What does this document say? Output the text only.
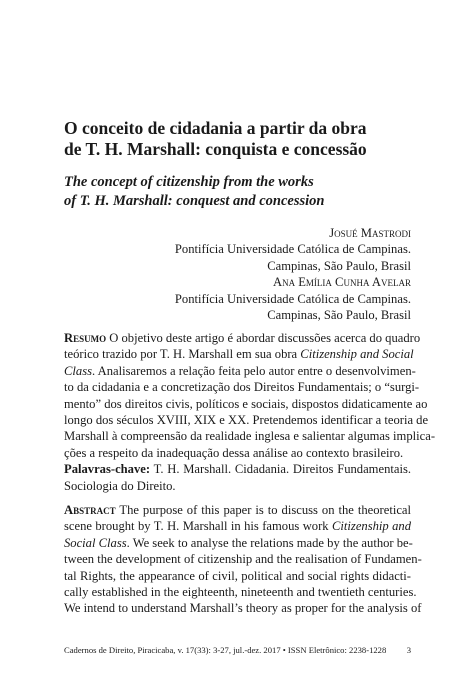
O conceito de cidadania a partir da obra
de T. H. Marshall: conquista e concessão
The concept of citizenship from the works
of T. H. Marshall: conquest and concession
Josué Mastrodi
Pontifícia Universidade Católica de Campinas.
Campinas, São Paulo, Brasil
Ana Emília Cunha Avelar
Pontifícia Universidade Católica de Campinas.
Campinas, São Paulo, Brasil
Resumo O objetivo deste artigo é abordar discussões acerca do quadro
teórico trazido por T. H. Marshall em sua obra Citizenship and Social
Class. Analisaremos a relação feita pelo autor entre o desenvolvimen-
to da cidadania e a concretização dos Direitos Fundamentais; o “surgi-
mento” dos direitos civis, políticos e sociais, dispostos didaticamente ao
longo dos séculos XVIII, XIX e XX. Pretendemos identificar a teoria de
Marshall à compreensão da realidade inglesa e salientar algumas implica-
ções a respeito da inadequação dessa análise ao contexto brasileiro.
Palavras-chave: T. H. Marshall. Cidadania. Direitos Fundamentais.
Sociologia do Direito.
Abstract The purpose of this paper is to discuss on the theoretical
scene brought by T. H. Marshall in his famous work Citizenship and
Social Class. We seek to analyse the relations made by the author be-
tween the development of citizenship and the realisation of Fundamen-
tal Rights, the appearance of civil, political and social rights didacti-
cally established in the eighteenth, nineteenth and twentieth centuries.
We intend to understand Marshall’s theory as proper for the analysis of
Cadernos de Direito, Piracicaba, v. 17(33): 3-27, jul.-dez. 2017 • ISSN Eletrônico: 2238-1228 3
